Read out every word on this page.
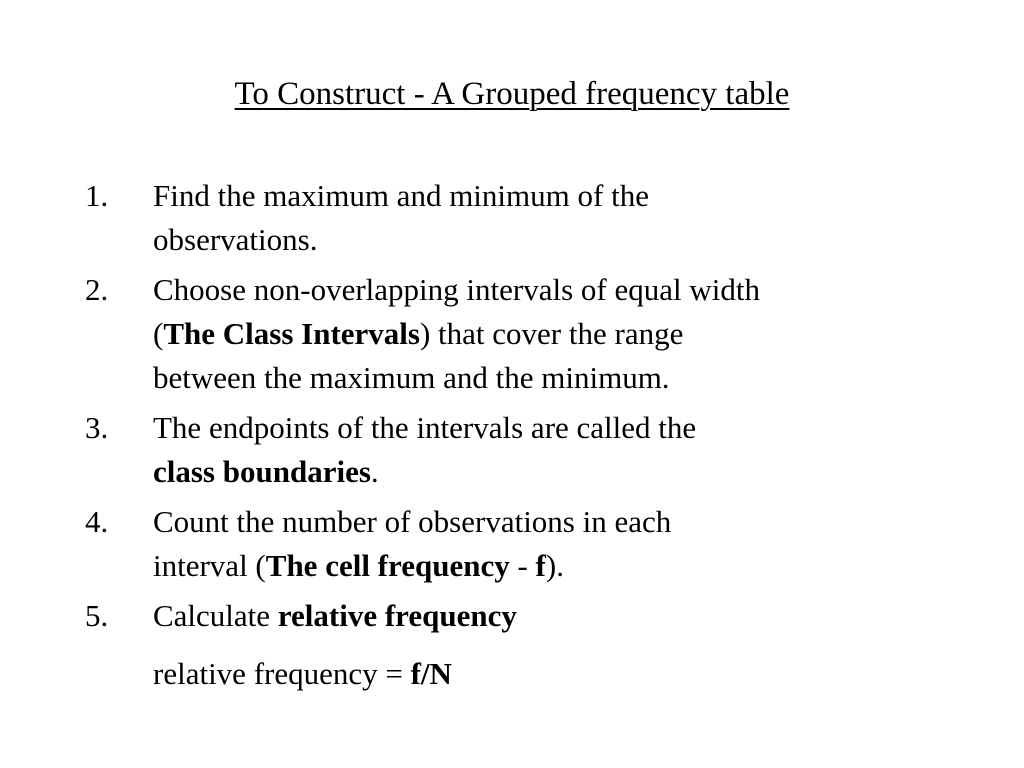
To Construct - A Grouped frequency table
1.	Find the maximum and minimum of the
observations.
2.	Choose non-overlapping intervals of equal width
(The Class Intervals) that cover the range
between the maximum and the minimum.
3.	The endpoints of the intervals are called the
class boundaries.
4.	Count the number of observations in each
interval (The cell frequency - f).
5.	Calculate relative frequency
relative frequency = f/N
